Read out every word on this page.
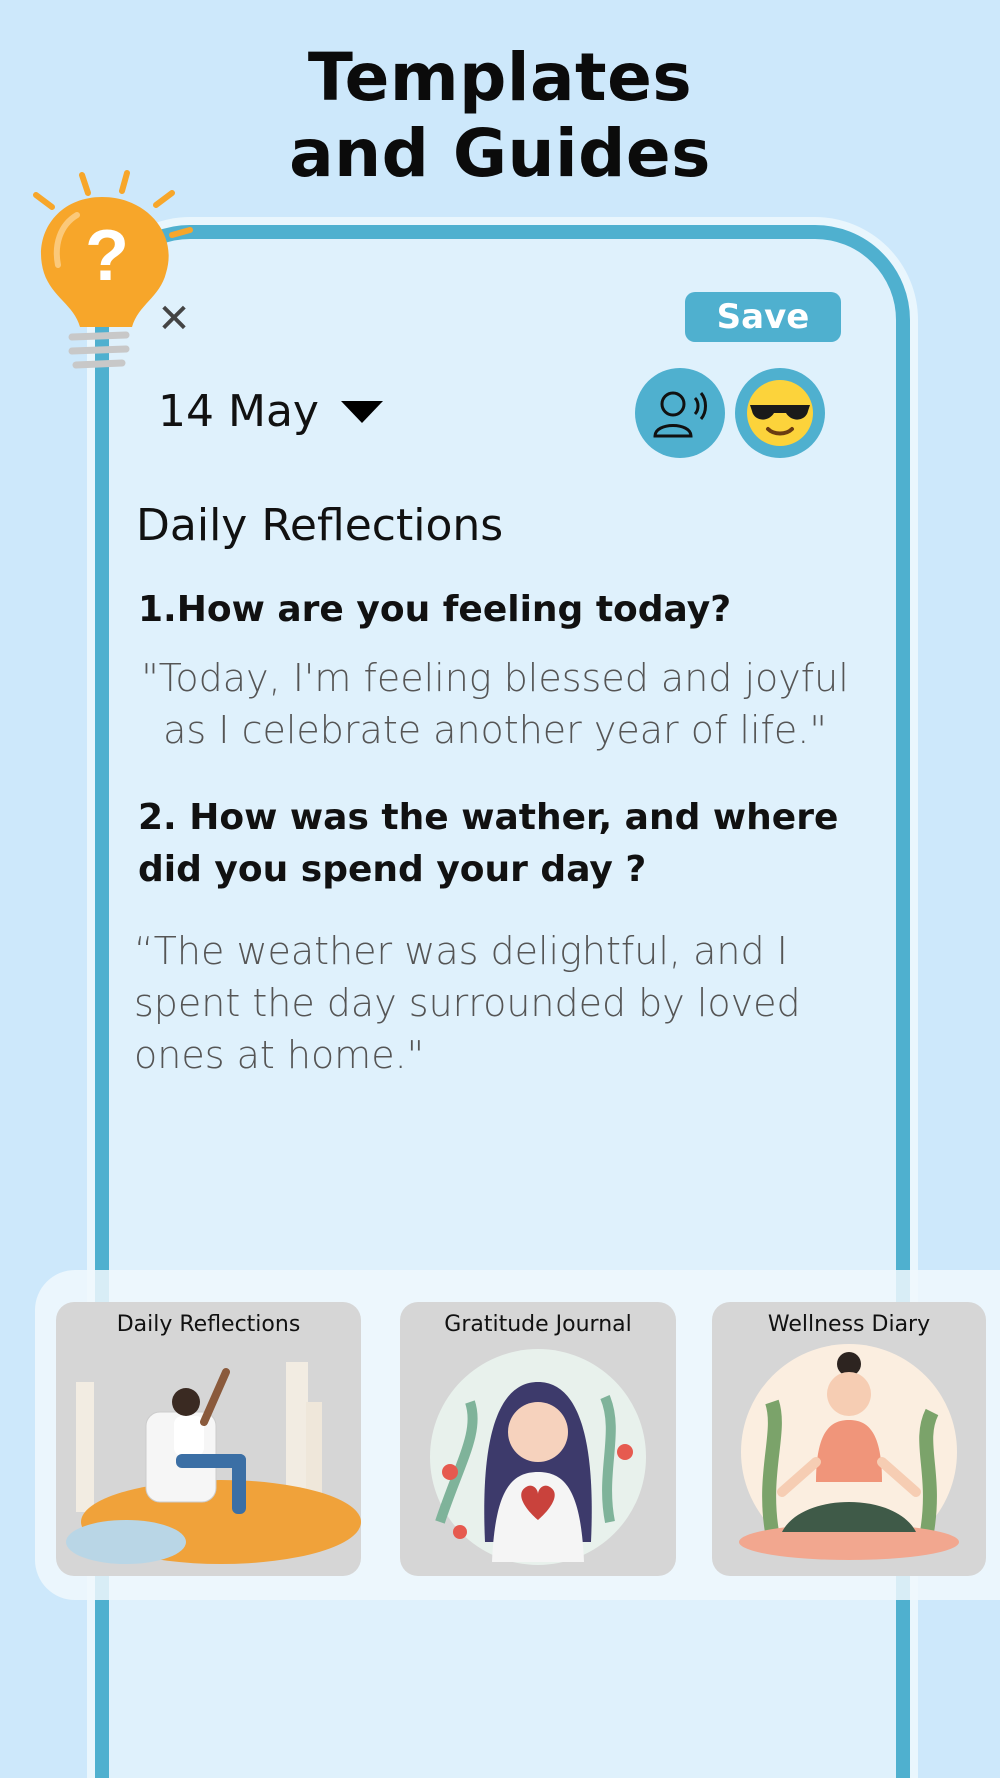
Templates
and Guides
?
✕	Save
14 May
Daily Reflections
1.How are you feeling today?
"Today, I'm feeling blessed and joyful as I celebrate another year of life."
2. How was the wather, and where did you spend your day ?
“The weather was delightful, and I spent the day surrounded by loved ones at home."
Daily Reflections	Gratitude Journal	Wellness Diary
